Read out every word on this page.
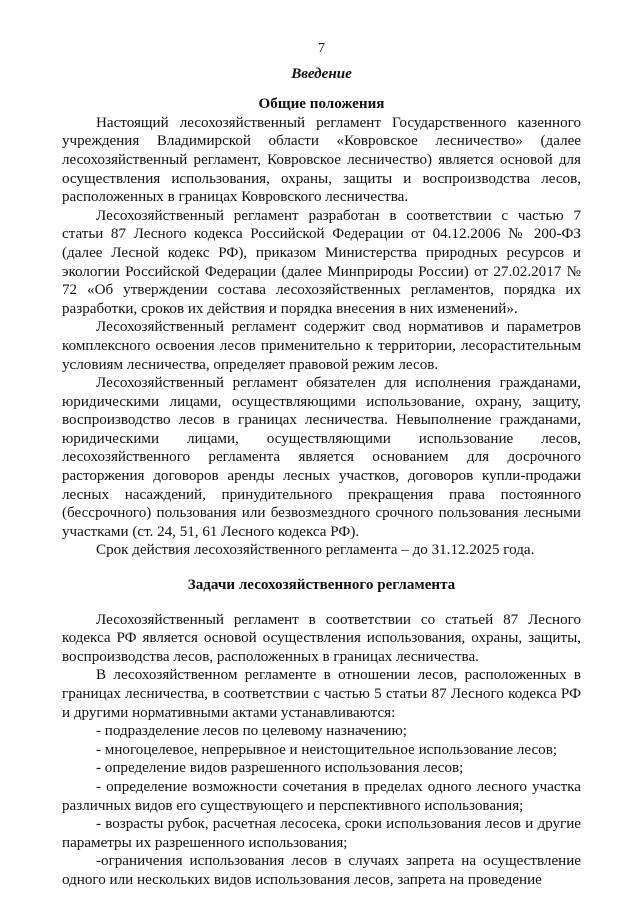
7
Введение
Общие положения

Настоящий лесохозяйственный регламент Государственного казенного учреждения Владимирской области «Ковровское лесничество» (далее лесохозяйственный регламент, Ковровское лесничество) является основой для осуществления использования, охраны, защиты и воспроизводства лесов, расположенных в границах Ковровского лесничества.

Лесохозяйственный регламент разработан в соответствии с частью 7 статьи 87 Лесного кодекса Российской Федерации от 04.12.2006 № 200-ФЗ (далее Лесной кодекс РФ), приказом Министерства природных ресурсов и экологии Российской Федерации (далее Минприроды России) от 27.02.2017 № 72 «Об утверждении состава лесохозяйственных регламентов, порядка их разработки, сроков их действия и порядка внесения в них изменений».

Лесохозяйственный регламент содержит свод нормативов и параметров комплексного освоения лесов применительно к территории, лесорастительным условиям лесничества, определяет правовой режим лесов.

Лесохозяйственный регламент обязателен для исполнения гражданами, юридическими лицами, осуществляющими использование, охрану, защиту, воспроизводство лесов в границах лесничества. Невыполнение гражданами, юридическими лицами, осуществляющими использование лесов, лесохозяйственного регламента является основанием для досрочного расторжения договоров аренды лесных участков, договоров купли-продажи лесных насаждений, принудительного прекращения права постоянного (бессрочного) пользования или безвозмездного срочного пользования лесными участками (ст. 24, 51, 61 Лесного кодекса РФ).

Срок действия лесохозяйственного регламента – до 31.12.2025 года.

Задачи лесохозяйственного регламента

Лесохозяйственный регламент в соответствии со статьей 87 Лесного кодекса РФ является основой осуществления использования, охраны, защиты, воспроизводства лесов, расположенных в границах лесничества.

В лесохозяйственном регламенте в отношении лесов, расположенных в границах лесничества, в соответствии с частью 5 статьи 87 Лесного кодекса РФ и другими нормативными актами устанавливаются:

- подразделение лесов по целевому назначению;
- многоцелевое, непрерывное и неистощительное использование лесов;
- определение видов разрешенного использования лесов;
- определение возможности сочетания в пределах одного лесного участка различных видов его существующего и перспективного использования;
- возрасты рубок, расчетная лесосека, сроки использования лесов и другие параметры их разрешенного использования;
-ограничения использования лесов в случаях запрета на осуществление одного или нескольких видов использования лесов, запрета на проведение
